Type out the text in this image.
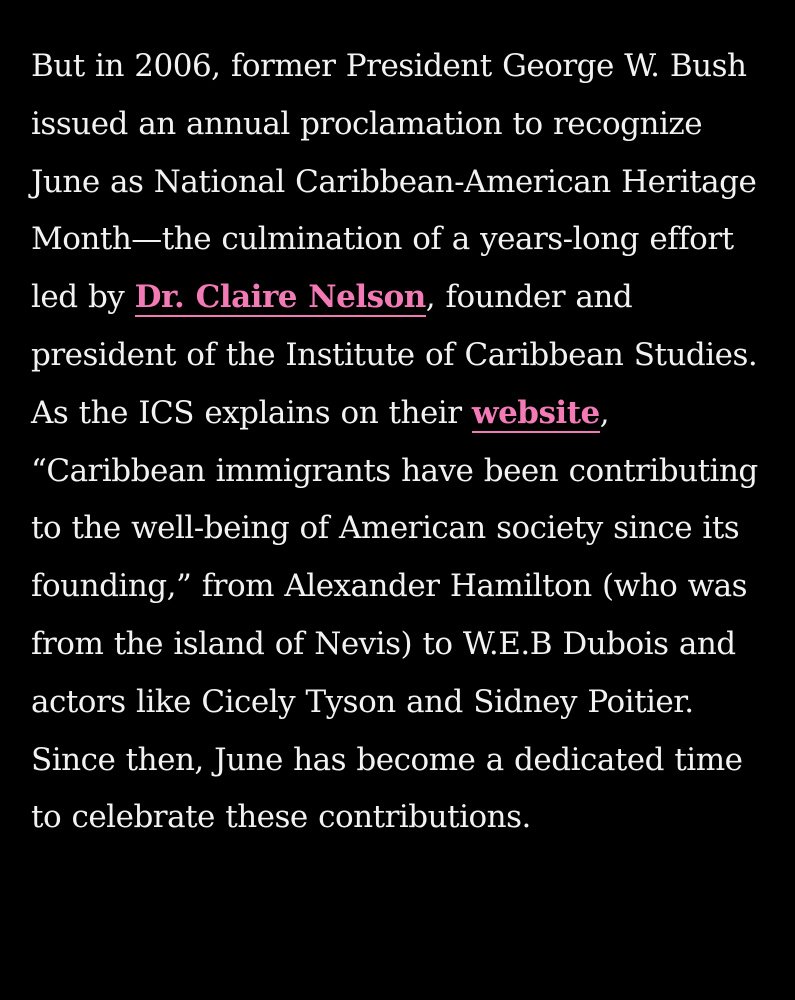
But in 2006, former President George W. Bush issued an annual proclamation to recognize June as National Caribbean-American Heritage Month—the culmination of a years-long effort led by Dr. Claire Nelson, founder and president of the Institute of Caribbean Studies. As the ICS explains on their website, “Caribbean immigrants have been contributing to the well-being of American society since its founding,” from Alexander Hamilton (who was from the island of Nevis) to W.E.B Dubois and actors like Cicely Tyson and Sidney Poitier. Since then, June has become a dedicated time to celebrate these contributions.
